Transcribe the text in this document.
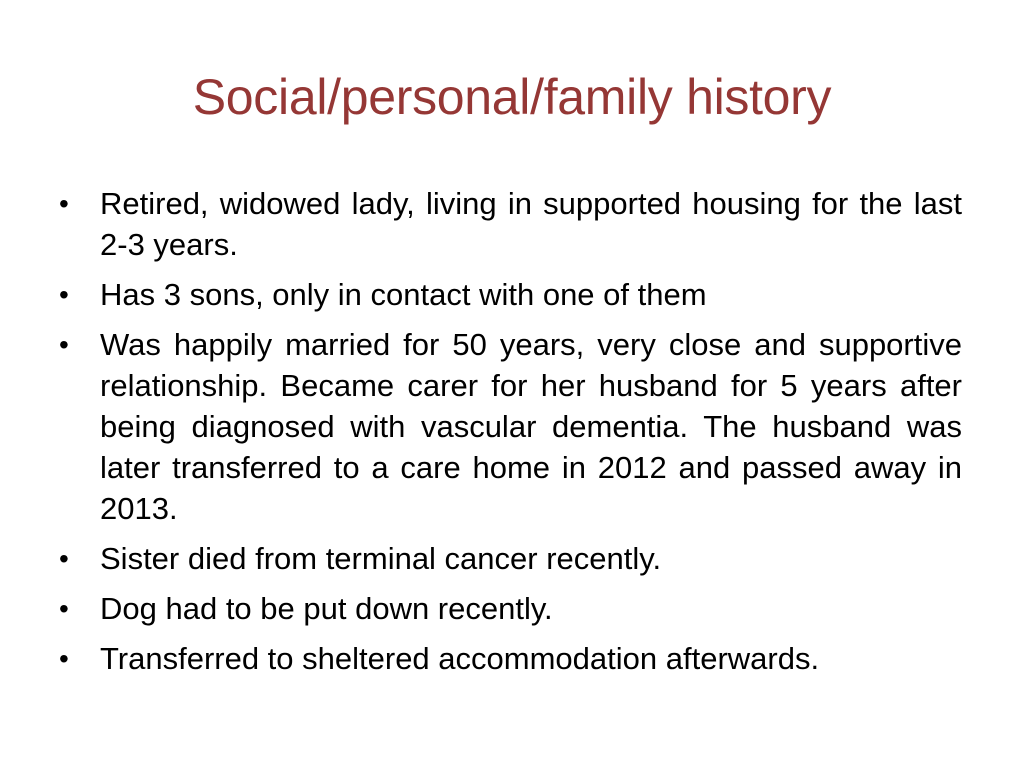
Social/personal/family history
• Retired, widowed lady, living in supported housing for the last 2-3 years.
• Has 3 sons, only in contact with one of them
• Was happily married for 50 years, very close and supportive relationship. Became carer for her husband for 5 years after being diagnosed with vascular dementia. The husband was later transferred to a care home in 2012 and passed away in 2013.
• Sister died from terminal cancer recently.
• Dog had to be put down recently.
• Transferred to sheltered accommodation afterwards.
